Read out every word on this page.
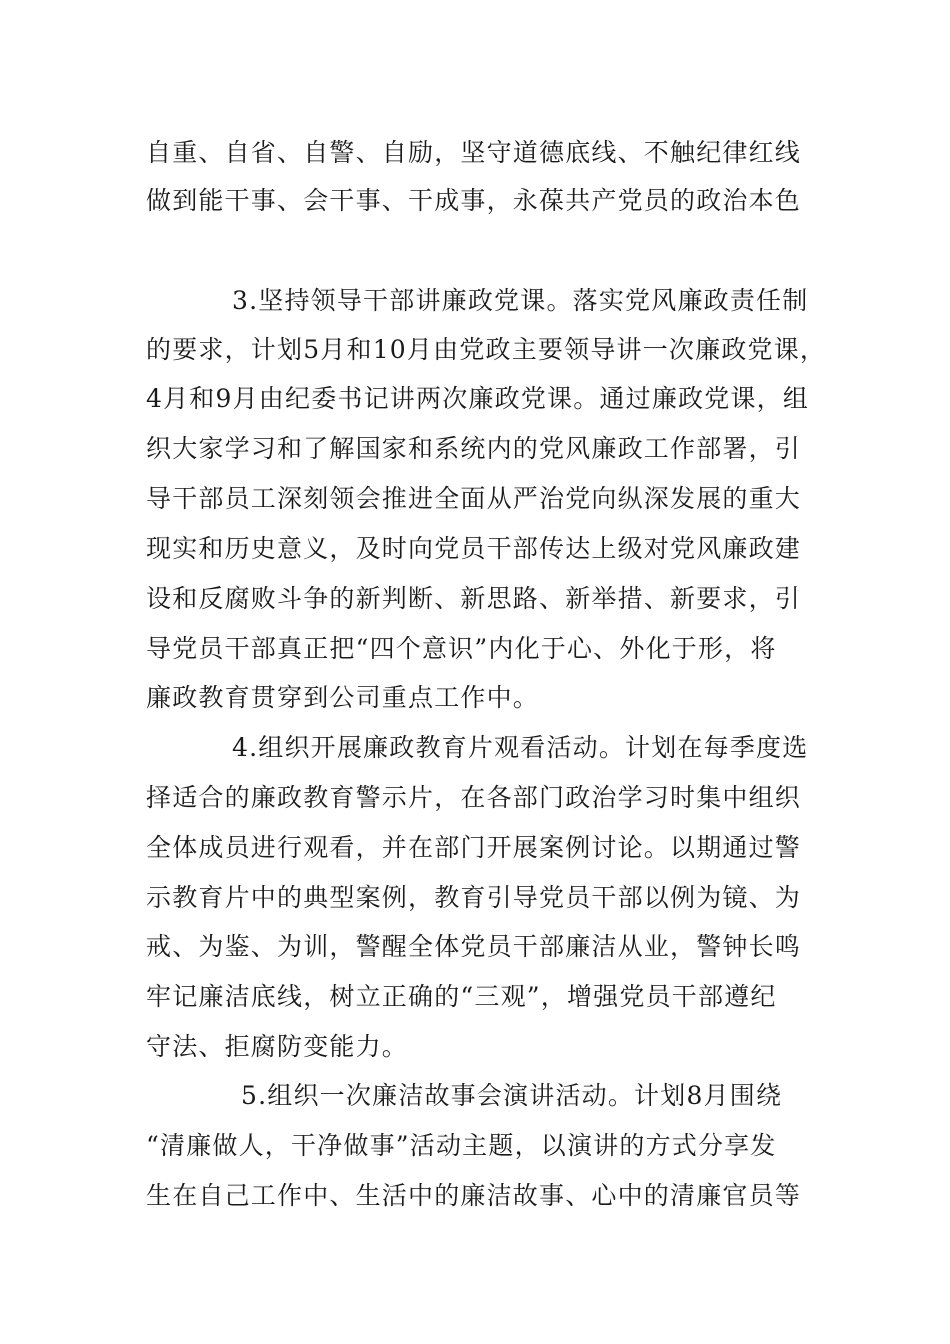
自重、自省、自警、自励，坚守道德底线、不触纪律红线
做到能干事、会干事、干成事，永葆共产党员的政治本色
3.坚持领导干部讲廉政党课。落实党风廉政责任制
的要求，计划5月和10月由党政主要领导讲一次廉政党课，
4月和9月由纪委书记讲两次廉政党课。通过廉政党课，组
织大家学习和了解国家和系统内的党风廉政工作部署，引
导干部员工深刻领会推进全面从严治党向纵深发展的重大
现实和历史意义，及时向党员干部传达上级对党风廉政建
设和反腐败斗争的新判断、新思路、新举措、新要求，引
导党员干部真正把“四个意识”内化于心、外化于形，将
廉政教育贯穿到公司重点工作中。
4.组织开展廉政教育片观看活动。计划在每季度选
择适合的廉政教育警示片，在各部门政治学习时集中组织
全体成员进行观看，并在部门开展案例讨论。以期通过警
示教育片中的典型案例，教育引导党员干部以例为镜、为
戒、为鉴、为训，警醒全体党员干部廉洁从业，警钟长鸣
牢记廉洁底线，树立正确的“三观”，增强党员干部遵纪
守法、拒腐防变能力。
5.组织一次廉洁故事会演讲活动。计划8月围绕
“清廉做人，干净做事”活动主题，以演讲的方式分享发
生在自己工作中、生活中的廉洁故事、心中的清廉官员等
